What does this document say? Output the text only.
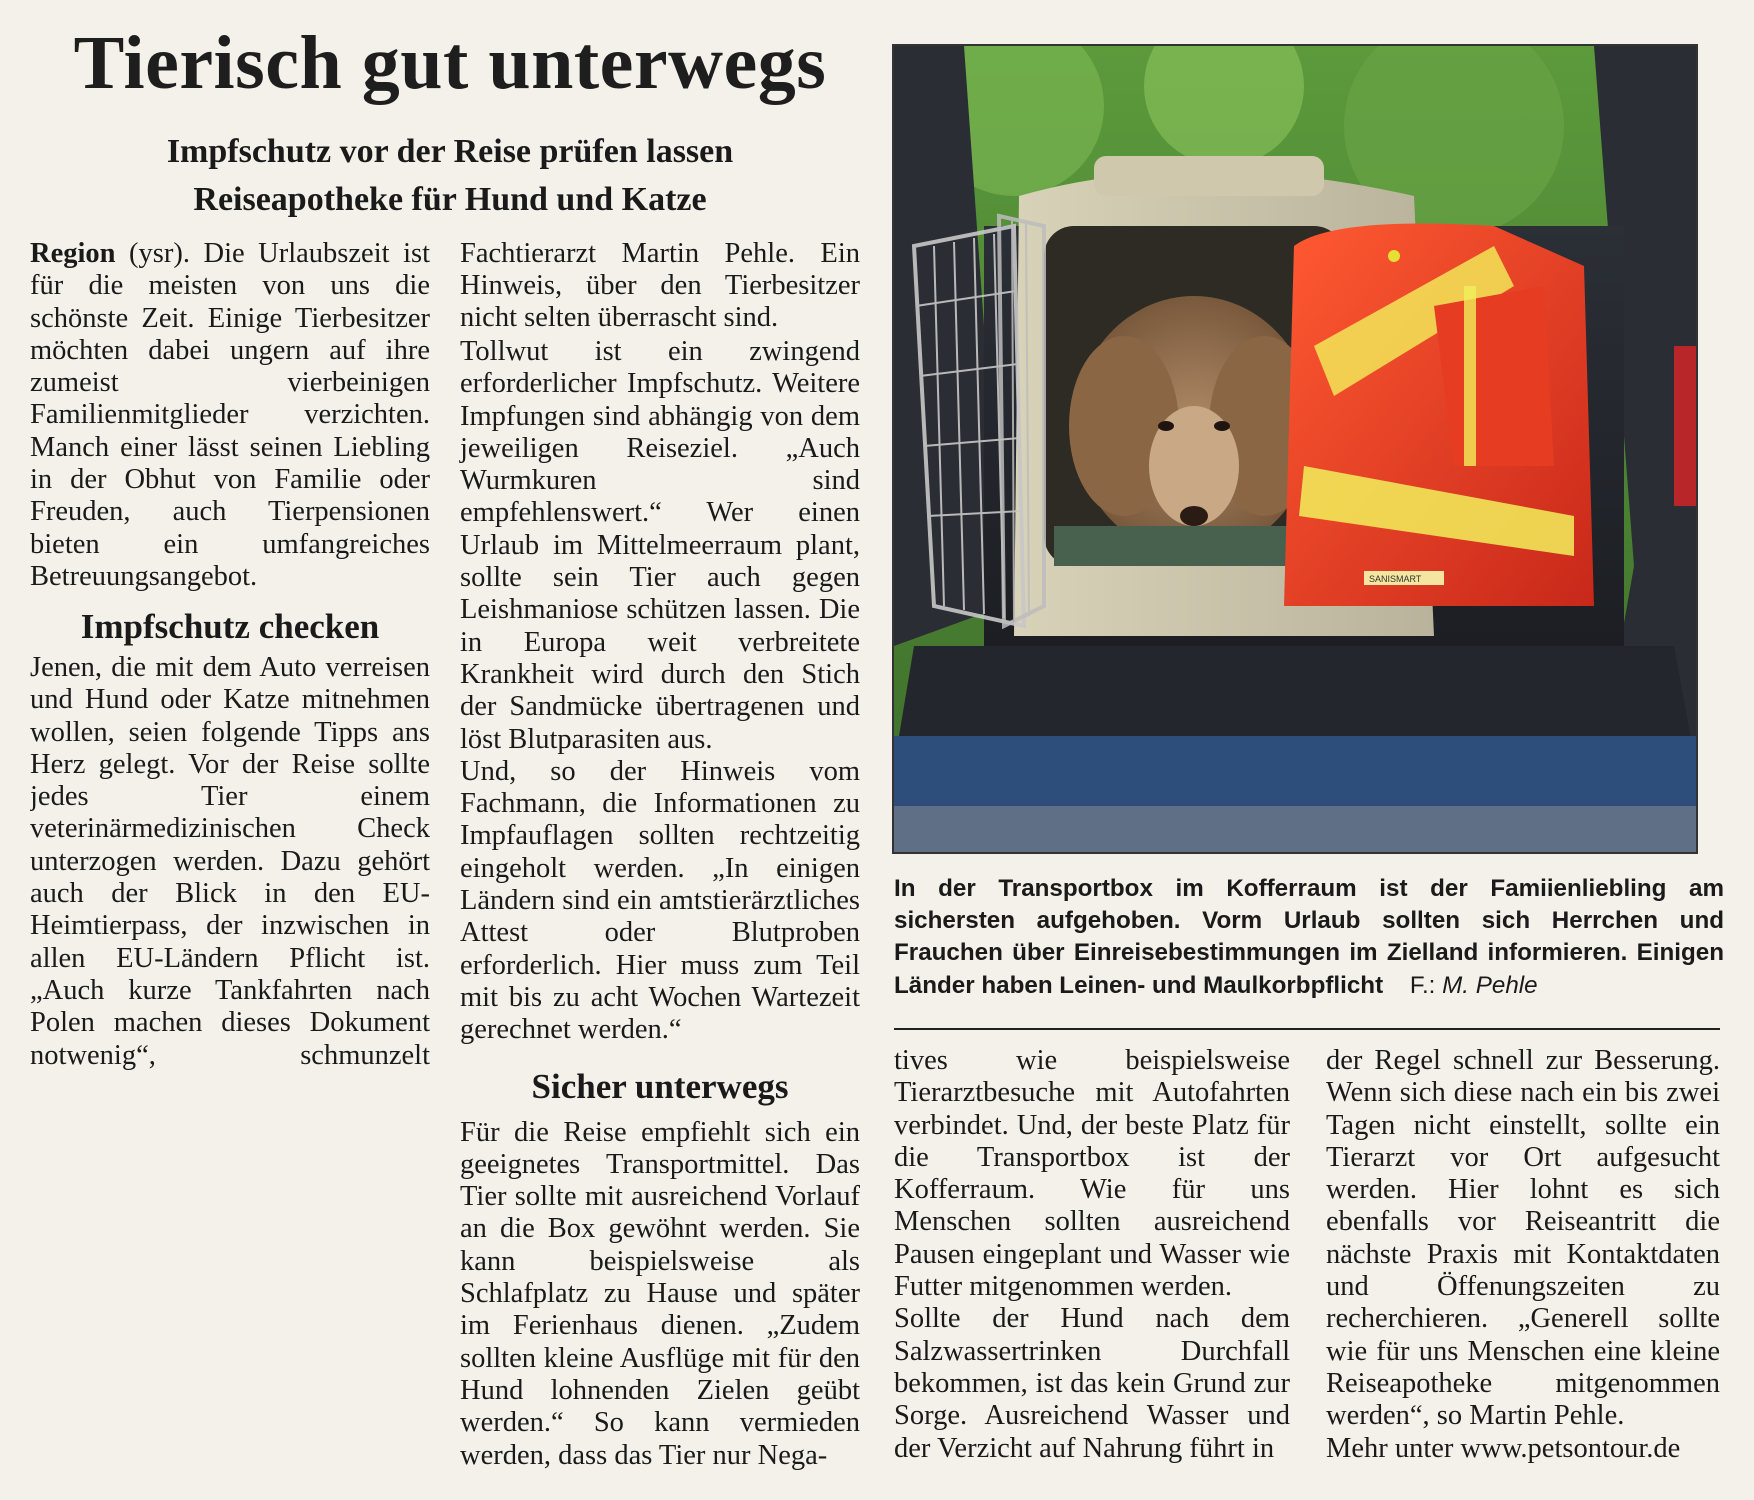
Tierisch gut unterwegs
Impfschutz vor der Reise prüfen lassen
Reiseapotheke für Hund und Katze

Region (ysr). Die Urlaubszeit ist für die meisten von uns die schönste Zeit. Einige Tierbesitzer möchten dabei ungern auf ihre zumeist vierbeinigen Familienmitglieder verzichten. Manch einer lässt seinen Liebling in der Obhut von Familie oder Freuden, auch Tierpensionen bieten ein umfangreiches Betreuungsangebot.

Impfschutz checken

Jenen, die mit dem Auto verreisen und Hund oder Katze mitnehmen wollen, seien folgende Tipps ans Herz gelegt. Vor der Reise sollte jedes Tier einem veterinärmedizinischen Check unterzogen werden. Dazu gehört auch der Blick in den EU-Heimtierpass, der inzwischen in allen EU-Ländern Pflicht ist. „Auch kurze Tankfahrten nach Polen machen dieses Dokument notwenig“, schmunzelt

Fachtierarzt Martin Pehle. Ein Hinweis, über den Tierbesitzer nicht selten überrascht sind.

Tollwut ist ein zwingend erforderlicher Impfschutz. Weitere Impfungen sind abhängig von dem jeweiligen Reiseziel. „Auch Wurmkuren sind empfehlenswert.“ Wer einen Urlaub im Mittelmeerraum plant, sollte sein Tier auch gegen Leishmaniose schützen lassen. Die in Europa weit verbreitete Krankheit wird durch den Stich der Sandmücke übertragenen und löst Blutparasiten aus.

Und, so der Hinweis vom Fachmann, die Informationen zu Impfauflagen sollten rechtzeitig eingeholt werden. „In einigen Ländern sind ein amtstierärztliches Attest oder Blutproben erforderlich. Hier muss zum Teil mit bis zu acht Wochen Wartezeit gerechnet werden.“

Sicher unterwegs

Für die Reise empfiehlt sich ein geeignetes Transportmittel. Das Tier sollte mit ausreichend Vorlauf an die Box gewöhnt werden. Sie kann beispielsweise als Schlafplatz zu Hause und später im Ferienhaus dienen. „Zudem sollten kleine Ausflüge mit für den Hund lohnenden Zielen geübt werden.“ So kann vermieden werden, dass das Tier nur Nega-

SANISMART
In der Transportbox im Kofferraum ist der Famiienliebling am sichersten aufgehoben. Vorm Urlaub sollten sich Herrchen und Frauchen über Einreisebestimmungen im Zielland informieren. Einigen Länder haben Leinen- und Maulkorbpflicht F.: M. Pehle

tives wie beispielsweise Tierarztbesuche mit Autofahrten verbindet. Und, der beste Platz für die Transportbox ist der Kofferraum. Wie für uns Menschen sollten ausreichend Pausen eingeplant und Wasser wie Futter mitgenommen werden.

Sollte der Hund nach dem Salzwassertrinken Durchfall bekommen, ist das kein Grund zur Sorge. Ausreichend Wasser und der Verzicht auf Nahrung führt in

der Regel schnell zur Besserung. Wenn sich diese nach ein bis zwei Tagen nicht einstellt, sollte ein Tierarzt vor Ort aufgesucht werden. Hier lohnt es sich ebenfalls vor Reiseantritt die nächste Praxis mit Kontaktdaten und Öffenungszeiten zu recherchieren. „Generell sollte wie für uns Menschen eine kleine Reiseapotheke mitgenommen werden“, so Martin Pehle.

Mehr unter www.petsontour.de
